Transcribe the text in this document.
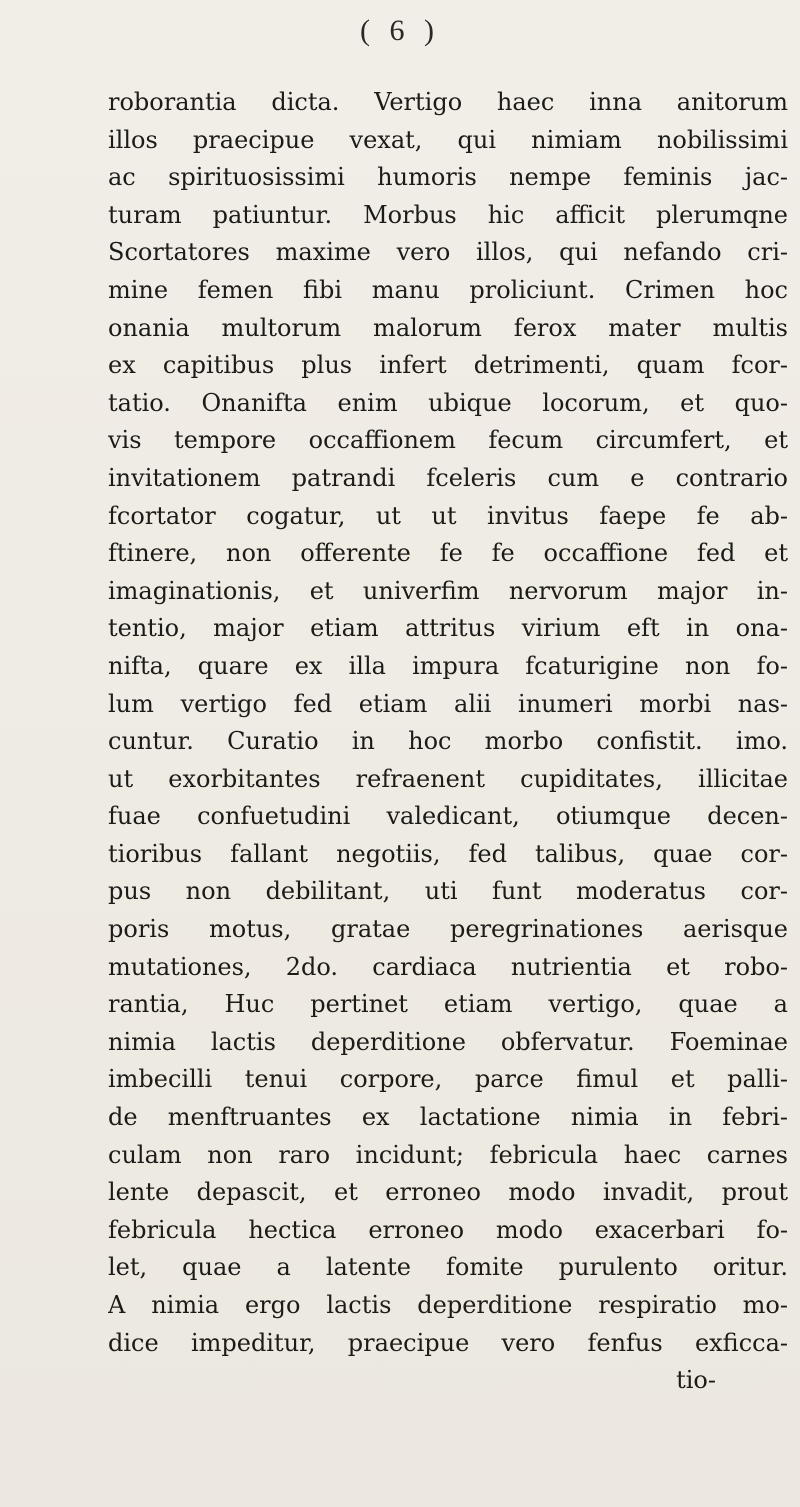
( 6 )
roborantia dicta. Vertigo haec inna anitorum
illos praecipue vexat, qui nimiam nobilissimi
ac spirituosissimi humoris nempe feminis jac-
turam patiuntur. Morbus hic afficit plerumqne
Scortatores maxime vero illos, qui nefando cri-
mine femen fibi manu proliciunt. Crimen hoc
onania multorum malorum ferox mater multis
ex capitibus plus infert detrimenti, quam fcor-
tatio. Onanifta enim ubique locorum, et quo-
vis tempore occaffionem fecum circumfert, et
invitationem patrandi fceleris cum e contrario
fcortator cogatur, ut ut invitus faepe fe ab-
ftinere, non offerente fe fe occaffione fed et
imaginationis, et univerfim nervorum major in-
tentio, major etiam attritus virium eft in ona-
nifta, quare ex illa impura fcaturigine non fo-
lum vertigo fed etiam alii inumeri morbi nas-
cuntur. Curatio in hoc morbo confistit. imo.
ut exorbitantes refraenent cupiditates, illicitae
fuae confuetudini valedicant, otiumque decen-
tioribus fallant negotiis, fed talibus, quae cor-
pus non debilitant, uti funt moderatus cor-
poris motus, gratae peregrinationes aerisque
mutationes, 2do. cardiaca nutrientia et robo-
rantia, Huc pertinet etiam vertigo, quae a
nimia lactis deperditione obfervatur. Foeminae
imbecilli tenui corpore, parce fimul et palli-
de menftruantes ex lactatione nimia in febri-
culam non raro incidunt; febricula haec carnes
lente depascit, et erroneo modo invadit, prout
febricula hectica erroneo modo exacerbari fo-
let, quae a latente fomite purulento oritur.
A nimia ergo lactis deperditione respiratio mo-
dice impeditur, praecipue vero fenfus exficca-
tio-
